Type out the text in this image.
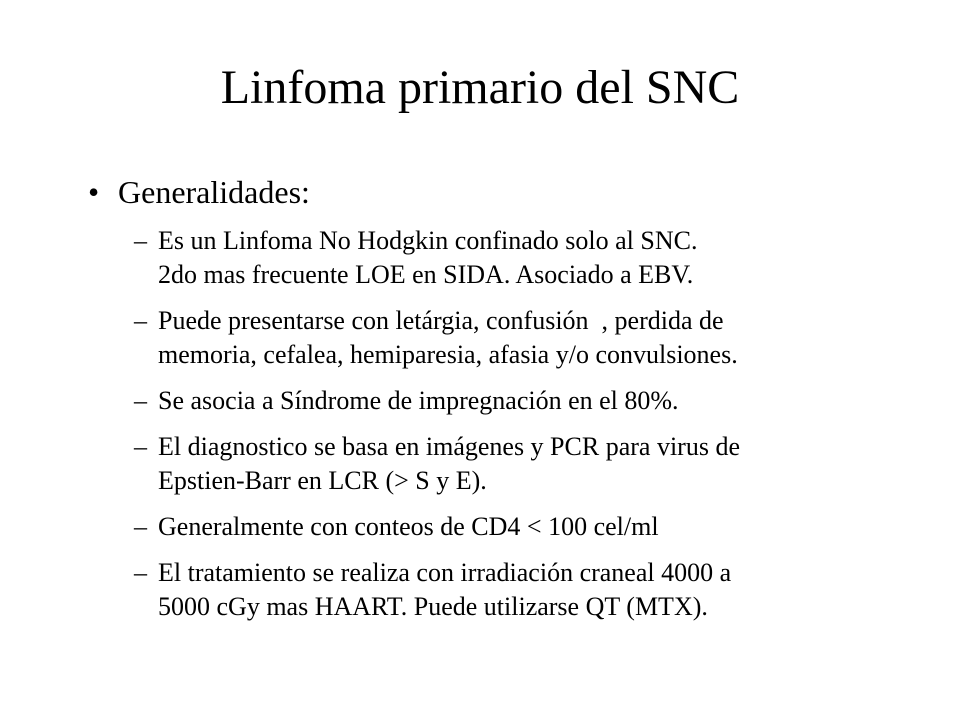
Linfoma primario del SNC
• Generalidades:
– Es un Linfoma No Hodgkin confinado solo al SNC.
2do mas frecuente LOE en SIDA. Asociado a EBV.
– Puede presentarse con letárgia, confusión  , perdida de
memoria, cefalea, hemiparesia, afasia y/o convulsiones.
– Se asocia a Síndrome de impregnación en el 80%.
– El diagnostico se basa en imágenes y PCR para virus de
Epstien-Barr en LCR (> S y E).
– Generalmente con conteos de CD4 < 100 cel/ml
– El tratamiento se realiza con irradiación craneal 4000 a
5000 cGy mas HAART. Puede utilizarse QT (MTX).
